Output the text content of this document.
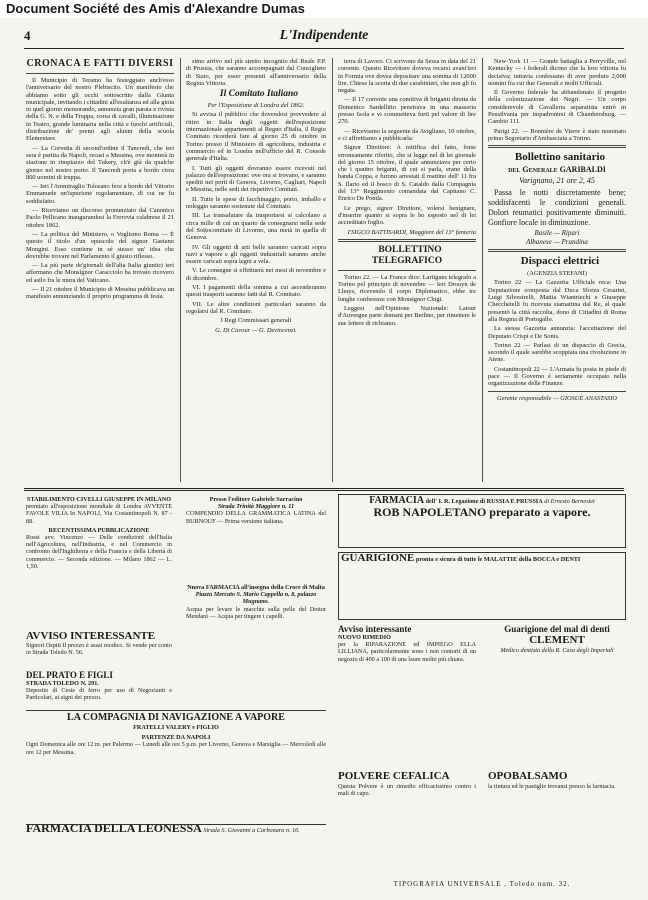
Document Société des Amis d'Alexandre Dumas
4	L'Indipendente

CRONACA E FATTI DIVERSI

Il Municipio di Teramo ha festeggiato anch'esso l'anniversario del nostro Plebiscito. Un manifesto che abbiamo sotto gli occhi sottoscritto dalla Giunta municipale, invitando i cittadini all'esultanza ed alla gioia in quel giorno memorando, annunzia gran parata e rivista della G. N. e della Truppa, corsa di cavalli, illuminazione in Teatro, grande luminaria nella città e fuochi artificiali, distribuzione de' premi agli alunni della scuola Elementare.

— La Corvetta di second'ordine il Tancredi, che ieri sera è partita da Napoli, recasi a Messina, ove monterà in stazione in rimpiazzo del Tukery, ch'è già da qualche giorno nel nostro porto. Il Tancredi porta a bordo circa 800 uomini di truppa.

— Ieri l'Ammiraglio Tolosano fece a bordo del Vittorio Emmanuele un'ispezione regolamentare, di cui ne fu soddisfatto.

— Riceviamo un discorso pronunziato dal Canonico Paolo Pellicano inaugurandosi la Ferrovia calabrese il 21 ottobre 1862.

— La politica del Ministero, o Voglismo Roma — È questo il titolo d'un opuscolo del signor Gaetano Mongini. Esso contiene in sè stesso un' idea che dovrebbe trovare nel Parlamento il giusto riflesso.

— La più parte de'giornali dell'alta Italia giuntici ieri affermano che Monsignor Caracciolo ha trovato ricovero ed asilo fra le mura del Vaticano.

— Il 21 ottobre il Municipio di Messina pubblicava un manifesto annunziando il proprio programma di festa.

simo arrivo nel più stretto incognito del Reale P.P. di Prussia, che saranno accompagnati dal Consigliere di Stato, per esser presenti all'anniversario della Regina Vittoria.

Il Comitato Italiano

Per l'Esposizione di Londra del 1862.

Si avvisa il pubblico che dovendosi provvedere al ritiro in Italia degli oggetti dell'esposizione internazionale appartenenti al Regno d'Italia, il Regio Comitato ricorderà fare al giorno 25 di ottobre in Torino presso il Ministero di agricoltura, industria e commercio ed in Londra nell'ufficio del R. Console generale d'Italia.

I. Tutti gli oggetti dovranno essere ricevuti nel palazzo dell'esposizione: ove ora si trovano, e saranno spediti nei porti di Genova, Livorno, Cagliari, Napoli e Messina, nelle sedi dei rispettivi Comitati.

II. Tutte le spese di facchinaggio, porto, imballo e noleggio saranno sostenute dal Comitato.

III. La transalutare da trasportarsi si calcolano a circa mille di cui un quarto da consegnarsi nella sede del Sottocomitato di Livorno, una metà in quella di Genova.

IV. Gli oggetti di arti belle saranno caricati sopra navi a vapore e gli oggetti industriali saranno anche essere caricati sopra legni a vela.

V. Le consegne si effettuerà nei mesi di novembre e di dicembre.

VI. I pagamenti della somma a cui ascenderanno questi trasporti saranno fatti dal R. Comitato.

VII. Le altre condizioni particolari saranno da regolarsi dal R. Comitato.

I Regi Commissari generali

G. Di Cavour — G. Devincenzi.

terra di Lavoro. Ci scrivono da Sessa in data del 21 corrente. Questo Ricevitore doveva recarsi avant'ieri in Formia ove dovea depositare una somma di 12000 lire. Chiese la scorta di due carabinieri, che non gli fu negata.

— Il 17 corrente una comitiva di briganti diretta da Domenico Sardellitto penetrava in una masseria presso Isola e vi commetteva furti pel valore di lire 270.

— Riceviamo la seguente da Avigliano, 10 ottobre, e ci affrettiamo a pubblicarla:

Signor Direttore: A rettifica del fatto, forse erroneamente riferito, che si legge nel di lei giornale del giorno 15 ottobre, il quale annunziava per certo che i quattro briganti, di cui si parla, erano della banda Coppa, e furono arrestati il mattino dell' 11 fra S. Ilario ed il bosco di S. Cataldo dalla Compagnia del 13° Reggimento comandata dal Capitano C. Enrico De Ponda.

Le prego, signor Direttore, volersi benignare, d'inserire quanto si sopra le ho esposto nel di lei accreditato foglio.

I'SIGCO BATTISARDI, Maggiore del 13° fanteria

BOLLETTINO TELEGRAFICO

Torino 22. — La France dice: Lartigues telegrafo a Torino pel principio di novembre — Ieri Drouyn de Lhuys, ricevendo il corpo Diplomatico, ebbe tre lunghe conferenze con Monsignor Chigi.

Leggesi nell'Opinione Nazionale: Latour d'Auvergne parte domani per Berlino, per rimettere le sue lettere di richiamo.

New-York 11 — Grande battaglia a Perryville, nel Kentucky — i federali dicono che la loro vittoria fu decisiva; tuttavia confessano di aver perduto 2,000 uomini fra cui due Generali e molti Ufficiali.

Il Governo federale ha abbandonato il progetto della colonizzazione dei Negri. — Un corpo considerevole di Cavalleria separatista entrò in Pensilvania per impadronirsi di Chambersburg. — Cambio 111.

Parigi 22. — Bonnière de Vierre è stato nominato primo Segretario d'Ambasciata a Torino.

Bollettino sanitario

del Generale GARIBALDI

Varignano, 21 ore 2, 45

Passa le notti discretamente bene; soddisfacenti le condizioni generali. Dolori reumatici positivamente diminuiti. Gonfiore locale in diminuzione.

Basile — Ripari

Albanese — Prandina

Dispacci elettrici

(AGENZIA STEFANI)

Torino 22 — La Gazzetta Ufficiale reca: Una Deputazione composta dal Duca Sforza Cesarini, Luigi Silvestrelli, Mattia Wiantriechi e Giuseppe Checchetelli fu ricevuta stamattina dal Re, al quale presentò la città raccolta, dono di Cittadini di Roma alla Regina di Portogallo.

La stessa Gazzetta annunzia: l'accettazione del Deputato Crispi e De Sonis.

Torino 22 — Parlasi di un dispaccio di Grecia, secondo il quale sarebbe scoppiata una rivoluzione in Atene.

Costantinopoli 22 — L'Armata fu posta in piede di pace — Il Governo è seriamente occupato nella organizzazione delle Finanze.

Gerente responsabile — GIOSUÈ ANASTASIO

STABILIMENTO CIVELLI GIUSEPPE IN MILANO
premiato all'esposizione mondiale di Londra AVVENTE FAVOLE VILIA In NAPOLI, Via Costantinopoli N. 87 - 88.
RECENTISSIMA PUBBLICAZIONE
Rossi avv. Vincenzo — Delle condizioni dell'Italia nell'Agricoltura, nell'Industria, e nel Commercio in confronto dell'Inghilterra e della Francia e della Libertà di commercio. — Seconda edizione. — Milano 1862 — L. 1,50.
AVVISO INTERESSANTE
Signori Ospiti Il prezzo è assai modico. Si vende per conto in Strada Toledo N. 56.
DEL PRATO E FIGLI
STRADA TOLEDO N. 291.
Deposito di Ceste di ferro per uso di Negozianti e Particolari, ai signi dei prezzo.
Presso l'editore Gabriele Sarracino
Strada Trinità Maggiore n. 11
COMPENDIO DELLA GRAMMATICA LATINA del BURNOUF — Prima versione italiana.
Nuova FARMACIA all'insegna della Croce di Malta
Piazza Mercato S. Mario Cappella n. 8, palazzo Mugnano.
Acqua per levare le macchie sulla pelle del Dottor Mendani — Acqua per tingere i capelli.
FARMACIA dell' I. R. Legazione di RUSSIA E PRUSSIA di Ernesto Bernestet
ROB NAPOLETANO preparato a vapore.
GUARIGIONE pronta e sicura di tutte le MALATTIE della BOCCA e DENTI
Avviso interessante
NUOVO RIMEDIO
per la RIPARAZIONE ed IMPIEGO ELLA LILLIANA, particolarmente sono i non contorti di un negozio di 400 a 100 di una laure molto più chiara.
POLVERE CEFALICA
Questa Polvere è un rimedio efficacissimo contro i mali di capo.
Guarigione del mal di denti
CLEMENT
Medico dentista della R. Casa degli Imperiali
OPOBALSAMO
la tintura ed le pastiglie trovansi presso la farmacia.
LA COMPAGNIA DI NAVIGAZIONE A VAPORE
FRATELLI VALERY e FIGLIO
PARTENZE DA NAPOLI
Ogni Domenica alle ore 12 m. per Palermo — Lunedì alle ore 5 p.m. per Livorno, Genova e Marsiglia — Mercoledì alle ore 12 per Messina.
FARMACIA DELLA LEONESSA Strada S. Giovanni a Carbonara n. 16.
TIPOGRAFIA UNIVERSALE , Toledo num. 32.
